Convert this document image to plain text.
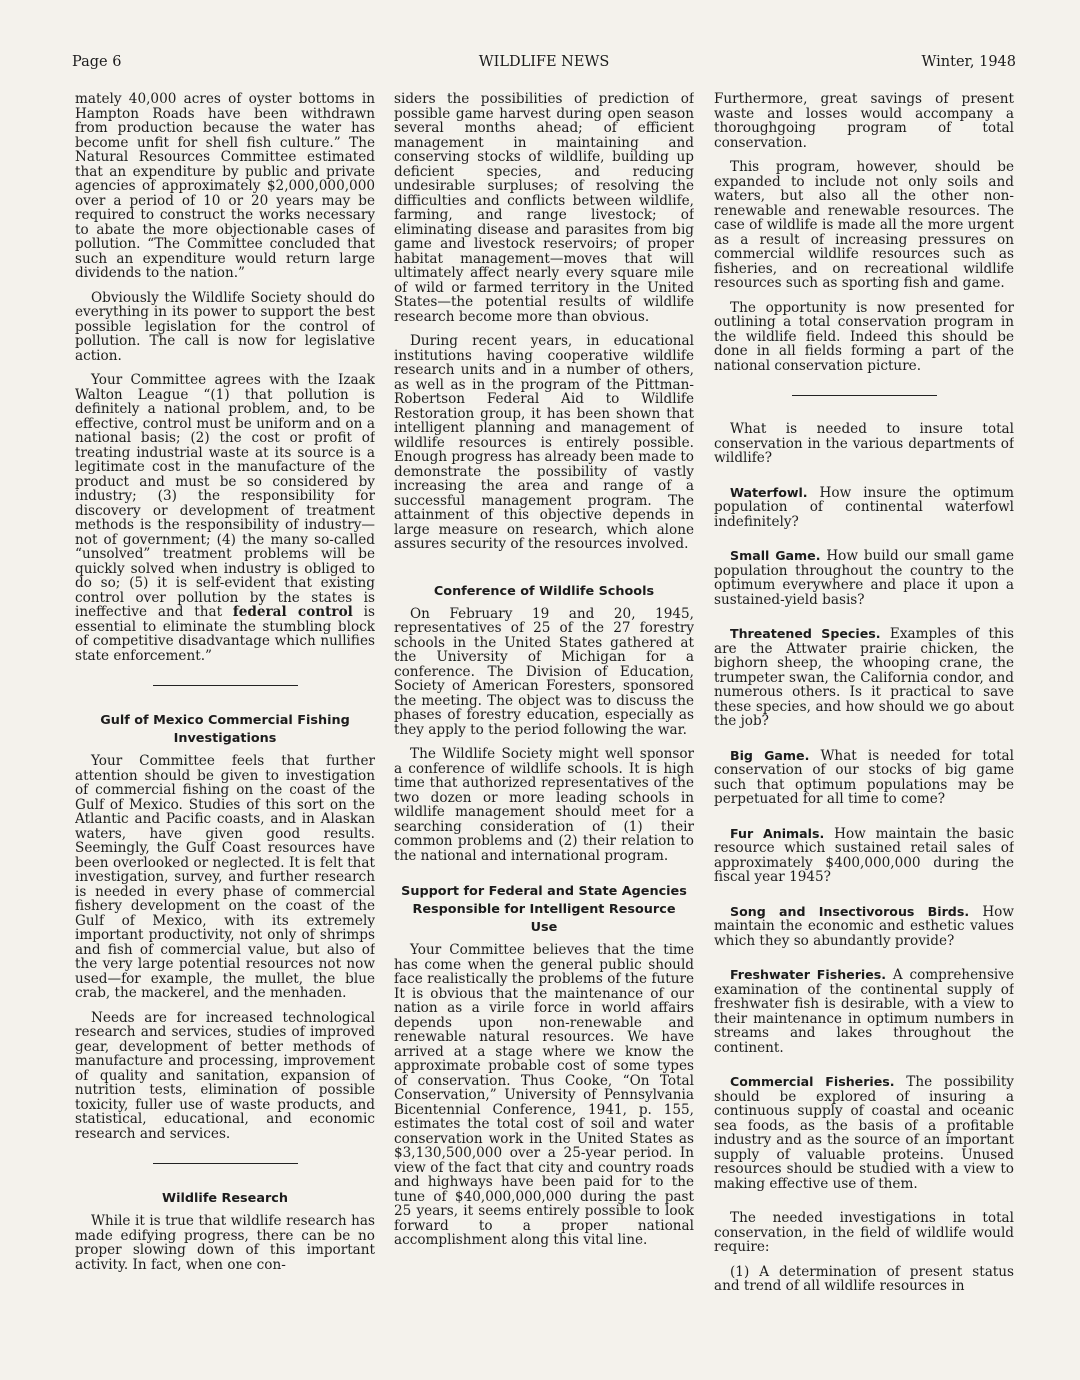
Page 6	WILDLIFE NEWS	Winter, 1948

mately 40,000 acres of oyster bottoms in Hampton Roads have been withdrawn from production because the water has become unfit for shell fish culture.” The Natural Resources Committee estimated that an expenditure by public and private agencies of approximately $2,000,000,000 over a period of 10 or 20 years may be required to construct the works necessary to abate the more objectionable cases of pollution. “The Committee concluded that such an expenditure would return large dividends to the nation.”

Obviously the Wildlife Society should do everything in its power to support the best possible legislation for the control of pollution. The call is now for legislative action.

Your Committee agrees with the Izaak Walton League “(1) that pollution is definitely a national problem, and, to be effective, control must be uniform and on a national basis; (2) the cost or profit of treating industrial waste at its source is a legitimate cost in the manufacture of the product and must be so considered by industry; (3) the responsibility for discovery or development of treatment methods is the responsibility of industry—not of government; (4) the many so-called “unsolved” treatment problems will be quickly solved when industry is obliged to do so; (5) it is self-evident that existing control over pollution by the states is ineffective and that federal control is essential to eliminate the stumbling block of competitive disadvantage which nullifies state enforcement.”

Gulf of Mexico Commercial Fishing Investigations

Your Committee feels that further attention should be given to investigation of commercial fishing on the coast of the Gulf of Mexico. Studies of this sort on the Atlantic and Pacific coasts, and in Alaskan waters, have given good results. Seemingly, the Gulf Coast resources have been overlooked or neglected. It is felt that investigation, survey, and further research is needed in every phase of commercial fishery development on the coast of the Gulf of Mexico, with its extremely important productivity, not only of shrimps and fish of commercial value, but also of the very large potential resources not now used—for example, the mullet, the blue crab, the mackerel, and the menhaden.

Needs are for increased technological research and services, studies of improved gear, development of better methods of manufacture and processing, improvement of quality and sanitation, expansion of nutrition tests, elimination of possible toxicity, fuller use of waste products, and statistical, educational, and economic research and services.

Wildlife Research

While it is true that wildlife research has made edifying progress, there can be no proper slowing down of this important activity. In fact, when one con-

siders the possibilities of prediction of possible game harvest during open season several months ahead; of efficient management in maintaining and conserving stocks of wildlife, building up deficient species, and reducing undesirable surpluses; of resolving the difficulties and conflicts between wildlife, farming, and range livestock; of eliminating disease and parasites from big game and livestock reservoirs; of proper habitat management—moves that will ultimately affect nearly every square mile of wild or farmed territory in the United States—the potential results of wildlife research become more than obvious.

During recent years, in educational institutions having cooperative wildlife research units and in a number of others, as well as in the program of the Pittman-Robertson Federal Aid to Wildlife Restoration group, it has been shown that intelligent planning and management of wildlife resources is entirely possible. Enough progress has already been made to demonstrate the possibility of vastly increasing the area and range of a successful management program. The attainment of this objective depends in large measure on research, which alone assures security of the resources involved.

Conference of Wildlife Schools

On February 19 and 20, 1945, representatives of 25 of the 27 forestry schools in the United States gathered at the University of Michigan for a conference. The Division of Education, Society of American Foresters, sponsored the meeting. The object was to discuss the phases of forestry education, especially as they apply to the period following the war.

The Wildlife Society might well sponsor a conference of wildlife schools. It is high time that authorized representatives of the two dozen or more leading schools in wildlife management should meet for a searching consideration of (1) their common problems and (2) their relation to the national and international program.

Support for Federal and State Agencies Responsible for Intelligent Resource Use

Your Committee believes that the time has come when the general public should face realistically the problems of the future It is obvious that the maintenance of our nation as a virile force in world affairs depends upon non-renewable and renewable natural resources. We have arrived at a stage where we know the approximate probable cost of some types of conservation. Thus Cooke, “On Total Conservation,” University of Pennsylvania Bicentennial Conference, 1941, p. 155, estimates the total cost of soil and water conservation work in the United States as $3,130,500,000 over a 25-year period. In view of the fact that city and country roads and highways have been paid for to the tune of $40,000,000,000 during the past 25 years, it seems entirely possible to look forward to a proper national accomplishment along this vital line.

Furthermore, great savings of present waste and losses would accompany a thoroughgoing program of total conservation.

This program, however, should be expanded to include not only soils and waters, but also all the other non-renewable and renewable resources. The case of wildlife is made all the more urgent as a result of increasing pressures on commercial wildlife resources such as fisheries, and on recreational wildlife resources such as sporting fish and game.

The opportunity is now presented for outlining a total conservation program in the wildlife field. Indeed this should be done in all fields forming a part of the national conservation picture.

What is needed to insure total conservation in the various departments of wildlife?

Waterfowl. How insure the optimum population of continental waterfowl indefinitely?

Small Game. How build our small game population throughout the country to the optimum everywhere and place it upon a sustained-yield basis?

Threatened Species. Examples of this are the Attwater prairie chicken, the bighorn sheep, the whooping crane, the trumpeter swan, the California condor, and numerous others. Is it practical to save these species, and how should we go about the job?

Big Game. What is needed for total conservation of our stocks of big game such that optimum populations may be perpetuated for all time to come?

Fur Animals. How maintain the basic resource which sustained retail sales of approximately $400,000,000 during the fiscal year 1945?

Song and Insectivorous Birds. How maintain the economic and esthetic values which they so abundantly provide?

Freshwater Fisheries. A comprehensive examination of the continental supply of freshwater fish is desirable, with a view to their maintenance in optimum numbers in streams and lakes throughout the continent.

Commercial Fisheries. The possibility should be explored of insuring a continuous supply of coastal and oceanic sea foods, as the basis of a profitable industry and as the source of an important supply of valuable proteins. Unused resources should be studied with a view to making effective use of them.

The needed investigations in total conservation, in the field of wildlife would require:

(1) A determination of present status and trend of all wildlife resources in
